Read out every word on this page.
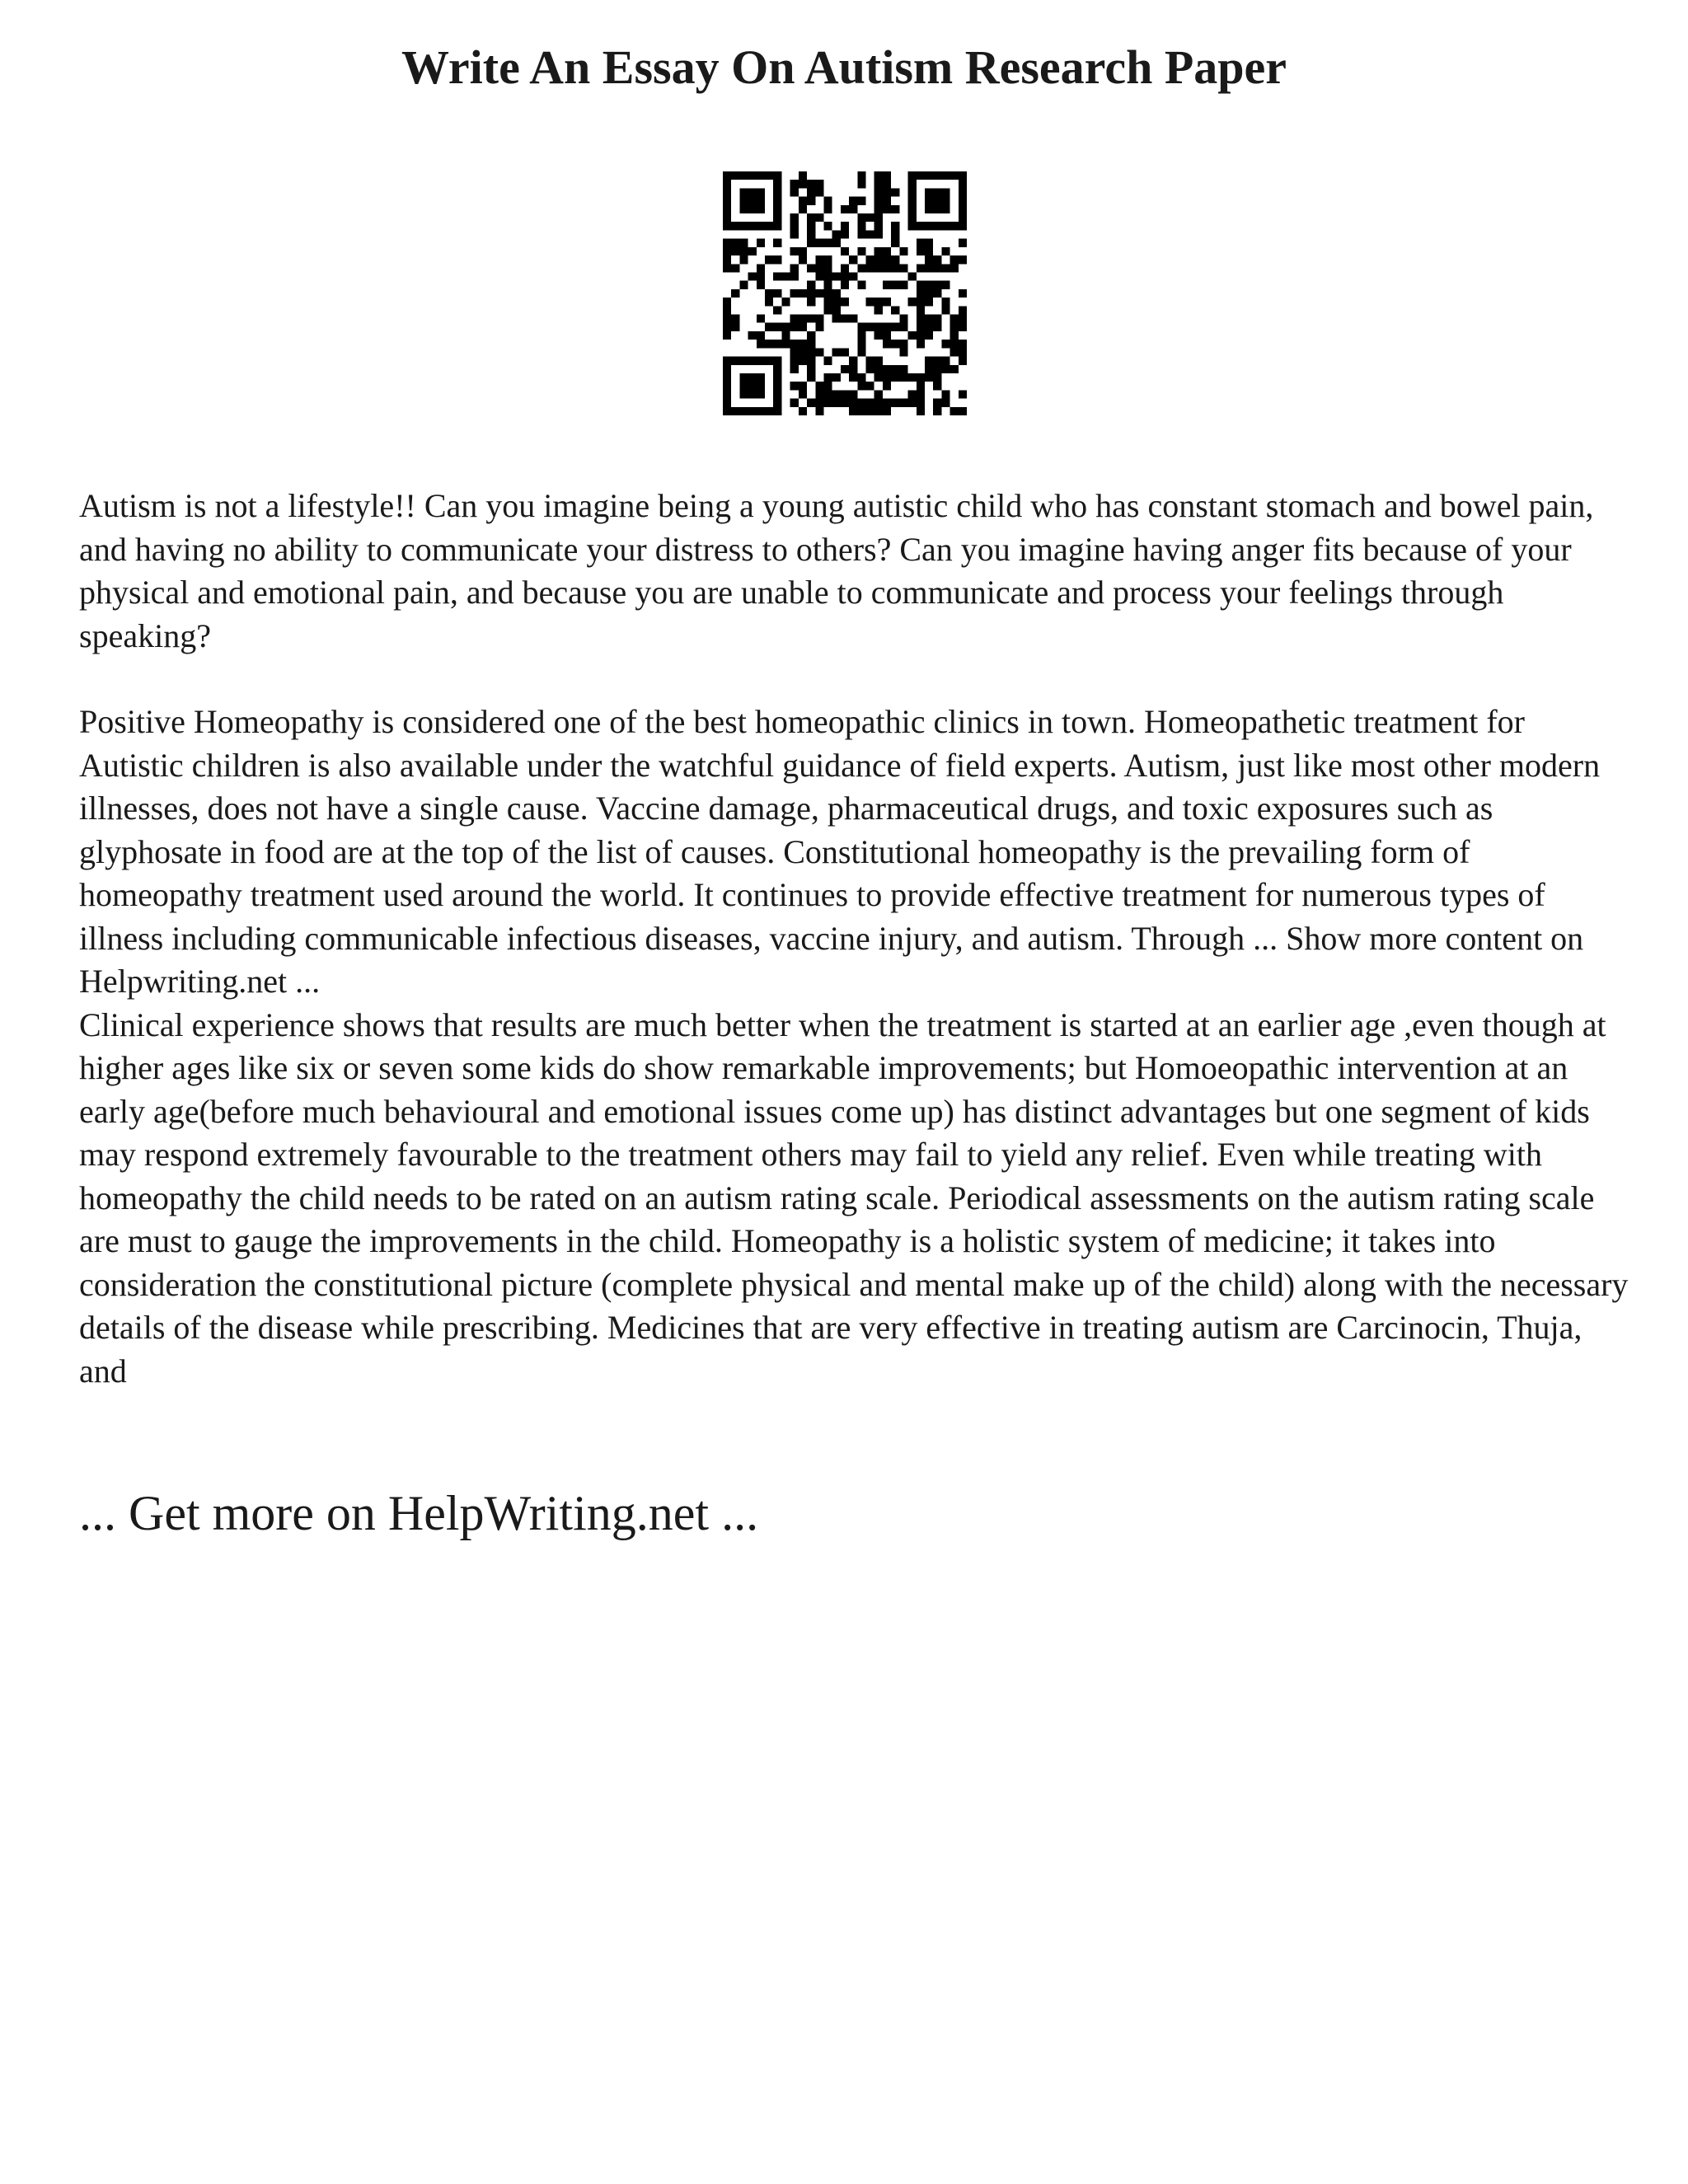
Write An Essay On Autism Research Paper

Autism is not a lifestyle!! Can you imagine being a young autistic child who has constant stomach and bowel pain, and having no ability to communicate your distress to others? Can you imagine having anger fits because of your physical and emotional pain, and because you are unable to communicate and process your feelings through speaking?

Positive Homeopathy is considered one of the best homeopathic clinics in town. Homeopathetic treatment for Autistic children is also available under the watchful guidance of field experts. Autism, just like most other modern illnesses, does not have a single cause. Vaccine damage, pharmaceutical drugs, and toxic exposures such as glyphosate in food are at the top of the list of causes. Constitutional homeopathy is the prevailing form of homeopathy treatment used around the world. It continues to provide effective treatment for numerous types of illness including communicable infectious diseases, vaccine injury, and autism. Through ... Show more content on Helpwriting.net ...
Clinical experience shows that results are much better when the treatment is started at an earlier age ,even though at higher ages like six or seven some kids do show remarkable improvements; but Homoeopathic intervention at an early age(before much behavioural and emotional issues come up) has distinct advantages but one segment of kids may respond extremely favourable to the treatment others may fail to yield any relief. Even while treating with homeopathy the child needs to be rated on an autism rating scale. Periodical assessments on the autism rating scale are must to gauge the improvements in the child. Homeopathy is a holistic system of medicine; it takes into consideration the constitutional picture (complete physical and mental make up of the child) along with the necessary details of the disease while prescribing. Medicines that are very effective in treating autism are Carcinocin, Thuja, and

... Get more on HelpWriting.net ...
